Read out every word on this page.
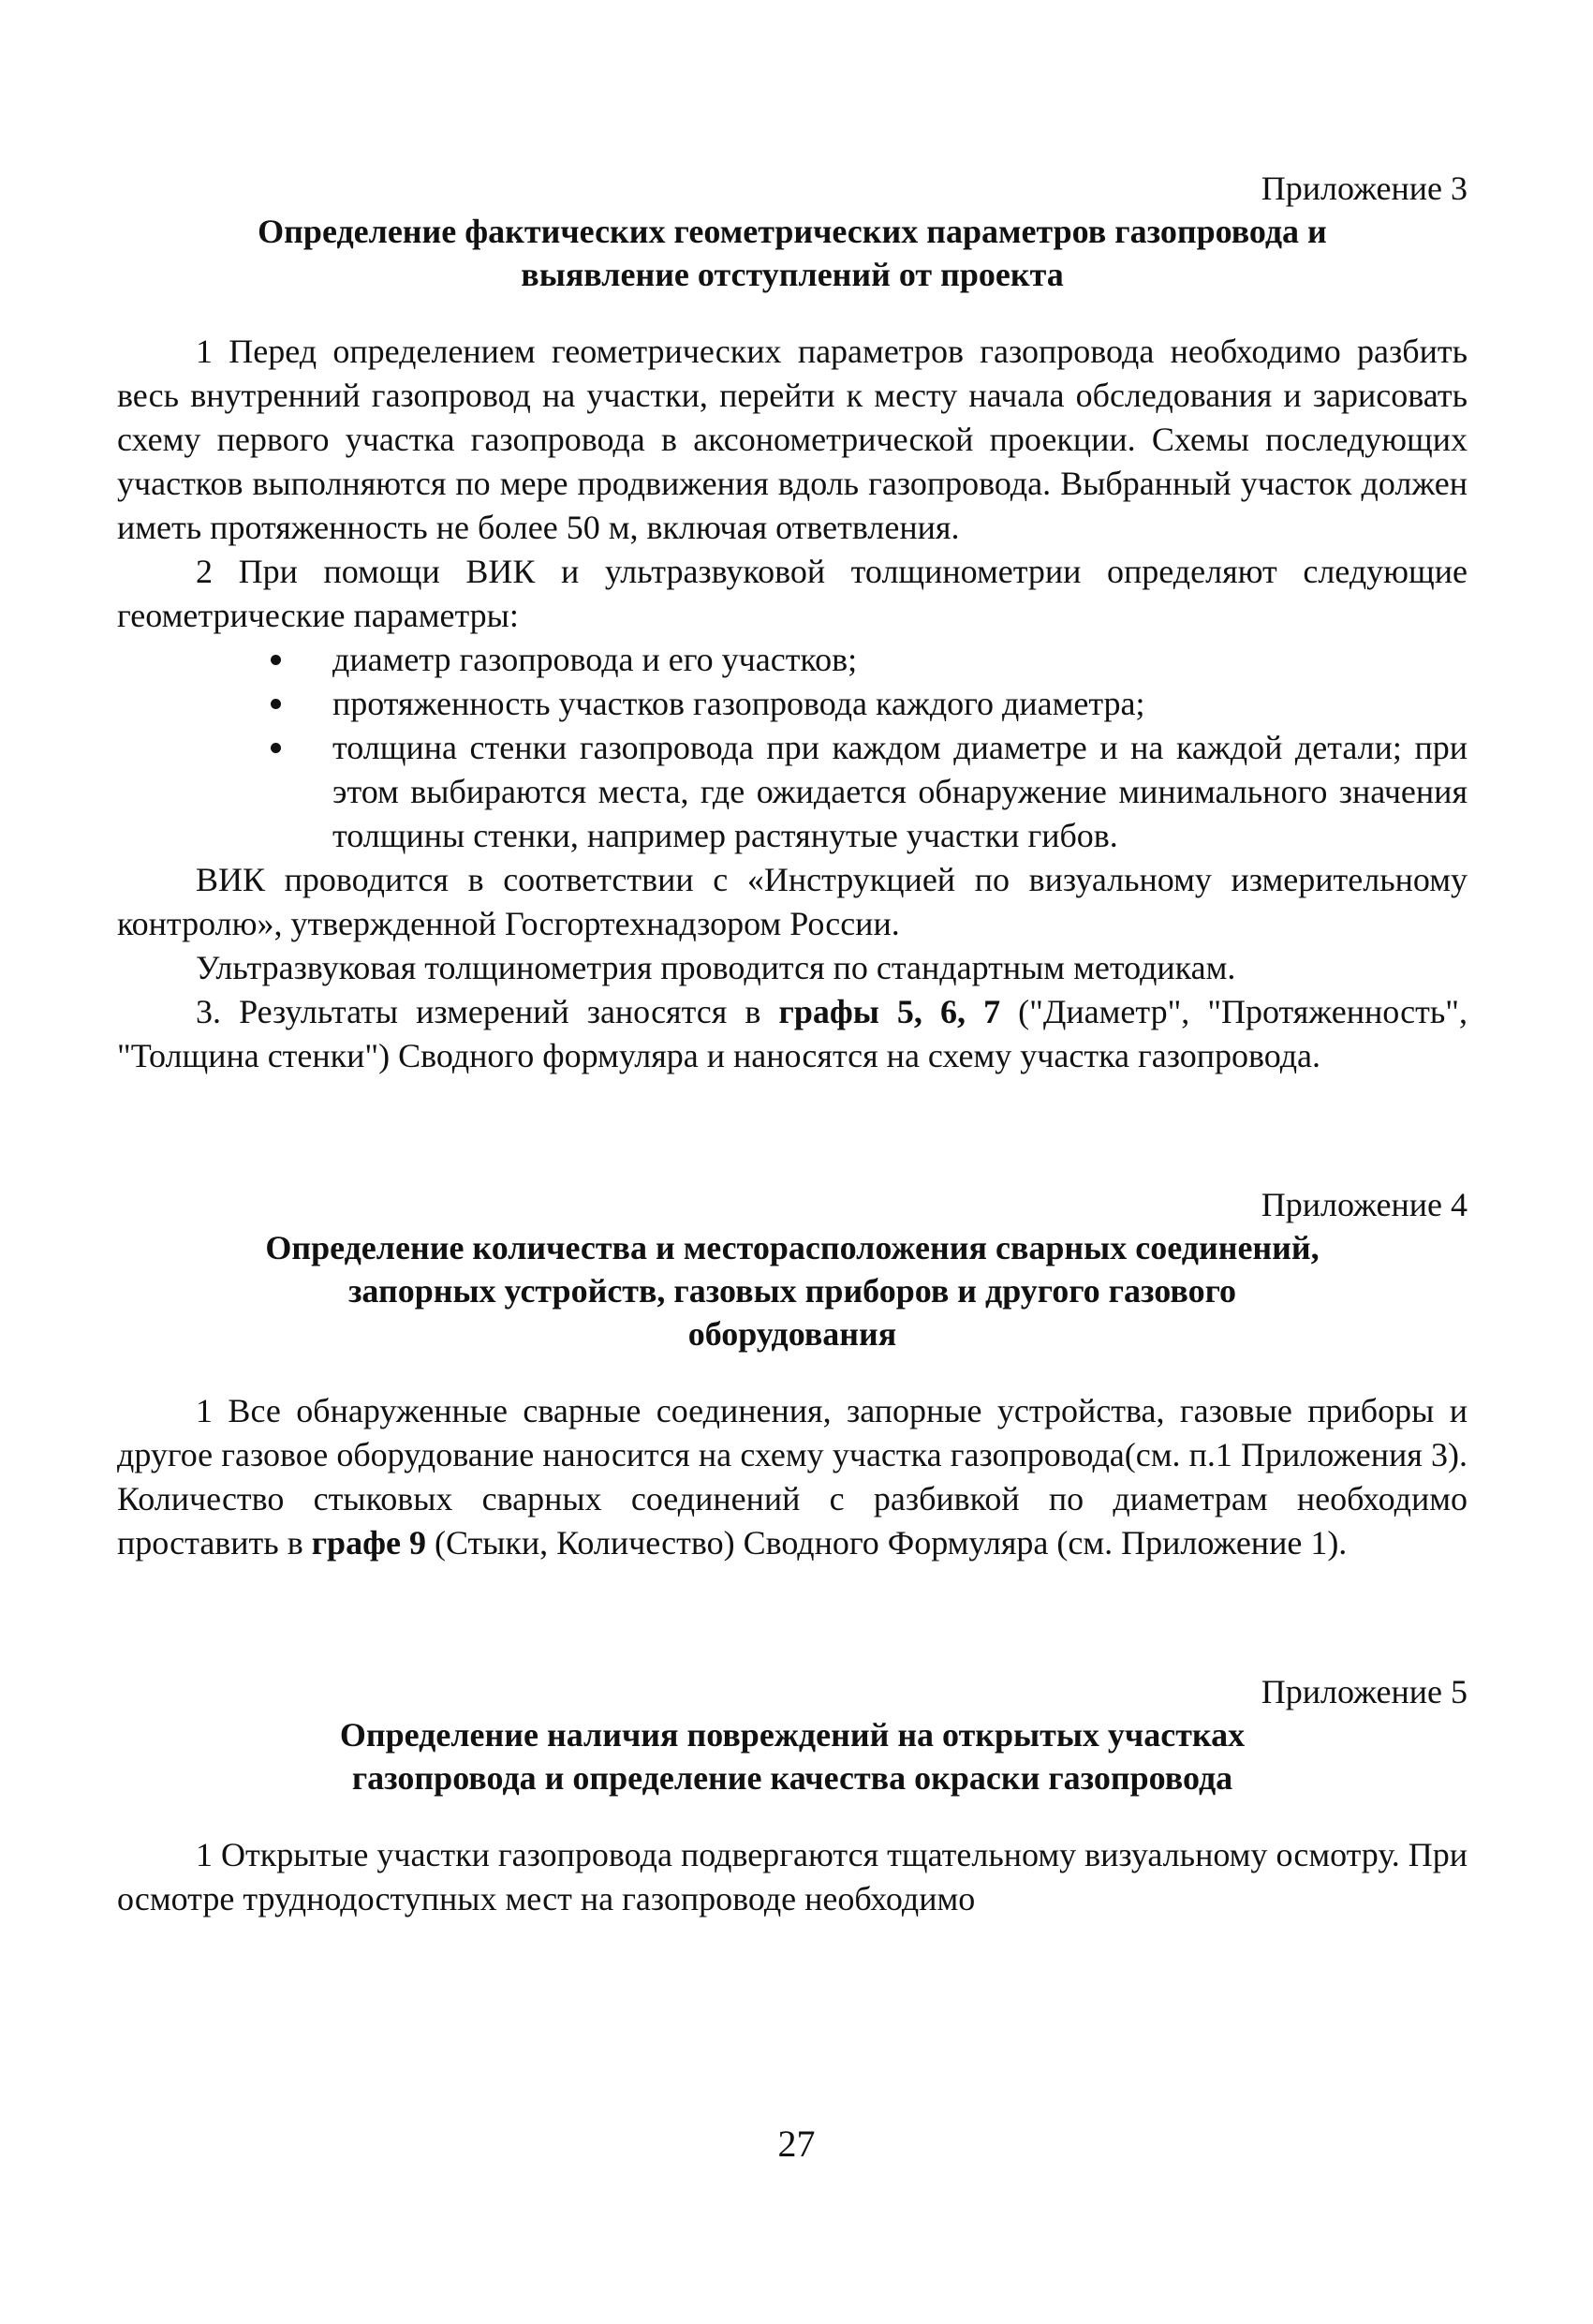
Приложение 3

Определение фактических геометрических параметров газопровода и

выявление отступлений от проекта

1 Перед определением геометрических параметров газопровода необходимо разбить весь внутренний газопровод на участки, перейти к месту начала обследования и зарисовать схему первого участка газопровода в аксонометрической проекции. Схемы последующих участков выполняются по мере продвижения вдоль газопровода. Выбранный участок должен иметь протяженность не более 50 м, включая ответвления.

2 При помощи ВИК и ультразвуковой толщинометрии определяют следующие геометрические параметры:

диаметр газопровода и его участков;
протяженность участков газопровода каждого диаметра;
толщина стенки газопровода при каждом диаметре и на каждой детали; при этом выбираются места, где ожидается обнаружение минимального значения толщины стенки, например растянутые участки гибов.

ВИК проводится в соответствии с «Инструкцией по визуальному измерительному контролю», утвержденной Госгортехнадзором России.

Ультразвуковая толщинометрия проводится по стандартным методикам.

3. Результаты измерений заносятся в графы 5, 6, 7 ("Диаметр", "Протяженность", "Толщина стенки") Сводного формуляра и наносятся на схему участка газопровода.

Приложение 4

Определение количества и месторасположения сварных соединений,

запорных устройств, газовых приборов и другого газового

оборудования

1 Все обнаруженные сварные соединения, запорные устройства, газовые приборы и другое газовое оборудование наносится на схему участка газопровода(см. п.1 Приложения 3). Количество стыковых сварных соединений с разбивкой по диаметрам необходимо проставить в графе 9 (Стыки, Количество) Сводного Формуляра (см. Приложение 1).

Приложение 5

Определение наличия повреждений на открытых участках

газопровода и определение качества окраски газопровода

1 Открытые участки газопровода подвергаются тщательному визуальному осмотру. При осмотре труднодоступных мест на газопроводе необходимо

27
